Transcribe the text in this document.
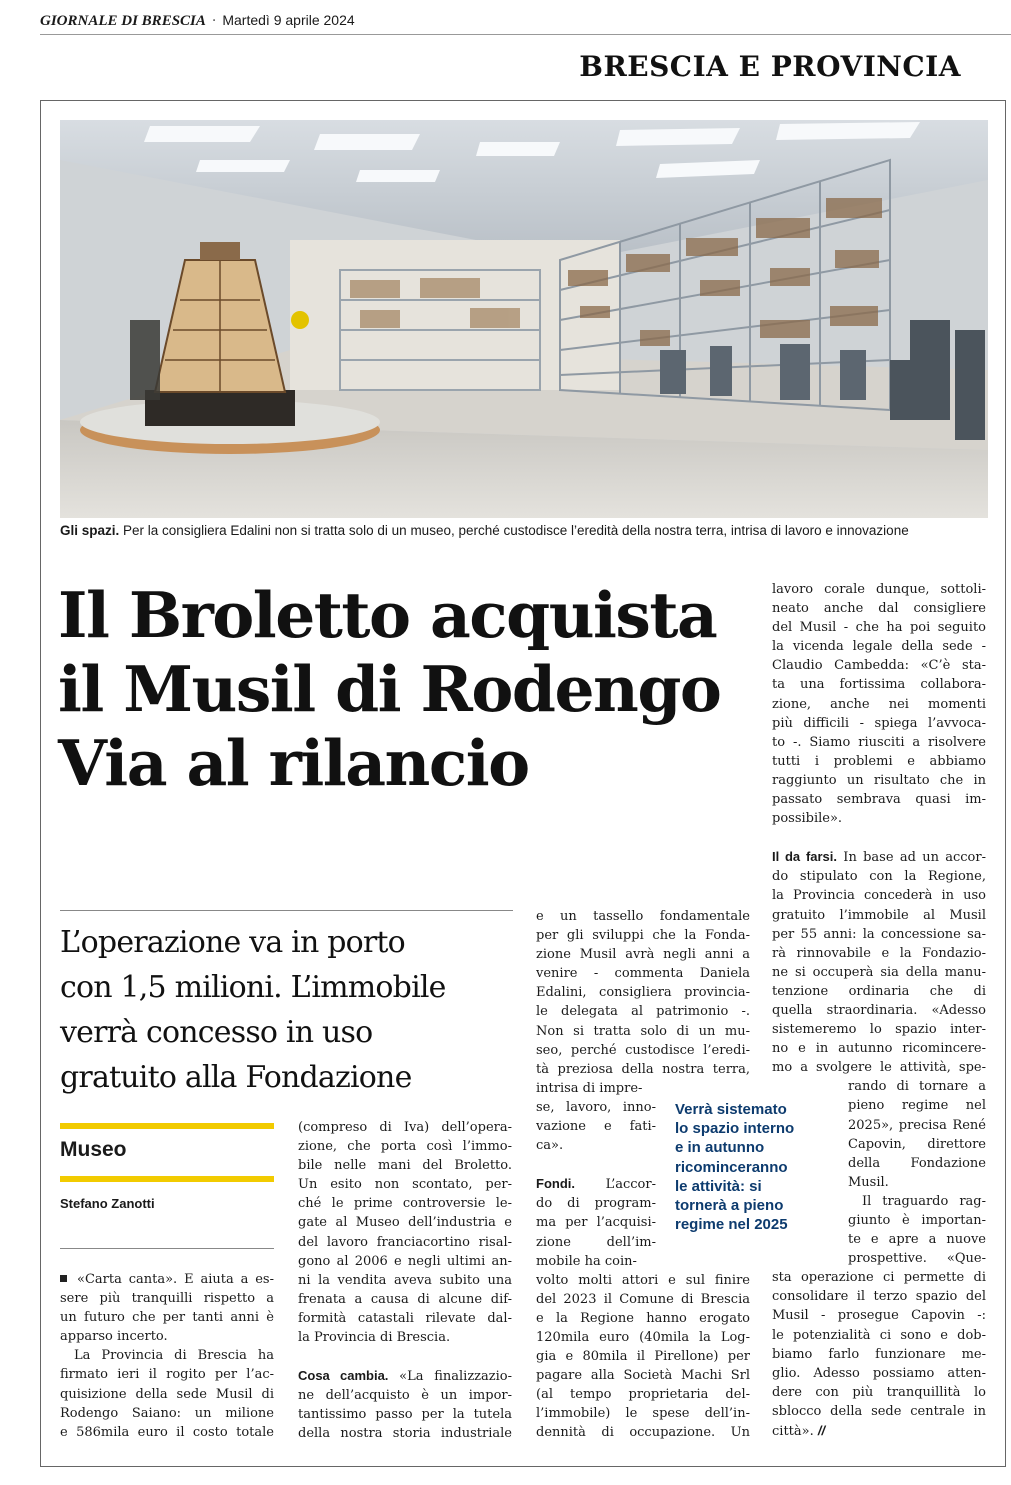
GIORNALE DI BRESCIA · Martedì 9 aprile 2024
BRESCIA E PROVINCIA
Gli spazi. Per la consigliera Edalini non si tratta solo di un museo, perché custodisce l’eredità della nostra terra, intrisa di lavoro e innovazione
Il Broletto acquista
il Musil di Rodengo
Via al rilancio
L’operazione va in porto
con 1,5 milioni. L’immobile
verrà concesso in uso
gratuito alla Fondazione
Museo
Stefano Zanotti
«Carta canta». E aiuta a es-
sere più tranquilli rispetto a
un futuro che per tanti anni è
apparso incerto.
La Provincia di Brescia ha
firmato ieri il rogito per l’ac-
quisizione della sede Musil di
Rodengo Saiano: un milione
e 586mila euro il costo totale
(compreso di Iva) dell’opera-
zione, che porta così l’immo-
bile nelle mani del Broletto.
Un esito non scontato, per-
ché le prime controversie le-
gate al Museo dell’industria e
del lavoro franciacortino risal-
gono al 2006 e negli ultimi an-
ni la vendita aveva subito una
frenata a causa di alcune dif-
formità catastali rilevate dal-
la Provincia di Brescia.
Cosa cambia. «La finalizzazio-
ne dell’acquisto è un impor-
tantissimo passo per la tutela
della nostra storia industriale
e un tassello fondamentale
per gli sviluppi che la Fonda-
zione Musil avrà negli anni a
venire - commenta Daniela
Edalini, consigliera provincia-
le delegata al patrimonio -.
Non si tratta solo di un mu-
seo, perché custodisce l’eredi-
tà preziosa della nostra terra,
intrisa di impre-
se, lavoro, inno-
vazione e fati-
ca».
Fondi. L’accor-
do di program-
ma per l’acquisi-
zione dell’im-
mobile ha coin-
volto molti attori e sul finire
del 2023 il Comune di Brescia
e la Regione hanno erogato
120mila euro (40mila la Log-
gia e 80mila il Pirellone) per
pagare alla Società Machi Srl
(al tempo proprietaria del-
l’immobile) le spese dell’in-
dennità di occupazione. Un
Verrà sistemato
lo spazio interno
e in autunno
ricominceranno
le attività: si
tornerà a pieno
regime nel 2025
lavoro corale dunque, sottoli-
neato anche dal consigliere
del Musil - che ha poi seguito
la vicenda legale della sede -
Claudio Cambedda: «C’è sta-
ta una fortissima collabora-
zione, anche nei momenti
più difficili - spiega l’avvoca-
to -. Siamo riusciti a risolvere
tutti i problemi e abbiamo
raggiunto un risultato che in
passato sembrava quasi im-
possibile».
Il da farsi. In base ad un accor-
do stipulato con la Regione,
la Provincia concederà in uso
gratuito l’immobile al Musil
per 55 anni: la concessione sa-
rà rinnovabile e la Fondazio-
ne si occuperà sia della manu-
tenzione ordinaria che di
quella straordinaria. «Adesso
sistemeremo lo spazio inter-
no e in autunno ricomincere-
mo a svolgere le attività, spe-
rando di tornare a
pieno regime nel
2025», precisa René
Capovin, direttore
della Fondazione
Musil.
Il traguardo rag-
giunto è importan-
te e apre a nuove
prospettive. «Que-
sta operazione ci permette di
consolidare il terzo spazio del
Musil - prosegue Capovin -:
le potenzialità ci sono e dob-
biamo farlo funzionare me-
glio. Adesso possiamo atten-
dere con più tranquillità lo
sblocco della sede centrale in
città». //
